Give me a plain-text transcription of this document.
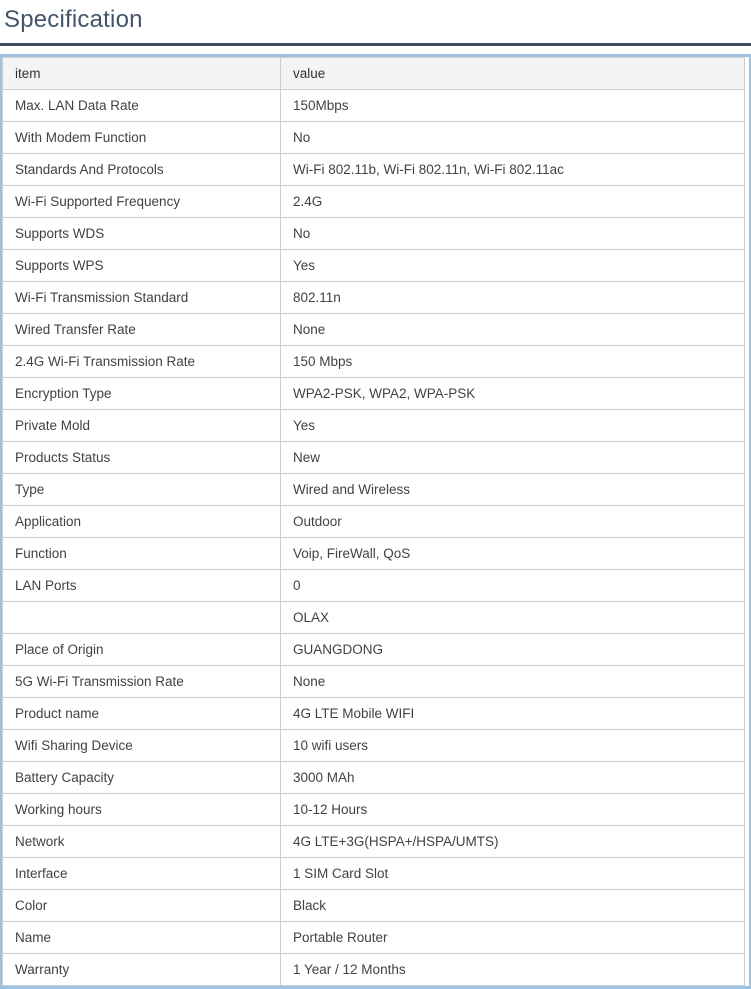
Specification
item	value
Max. LAN Data Rate	150Mbps
With Modem Function	No
Standards And Protocols	Wi-Fi 802.11b, Wi-Fi 802.11n, Wi-Fi 802.11ac
Wi-Fi Supported Frequency	2.4G
Supports WDS	No
Supports WPS	Yes
Wi-Fi Transmission Standard	802.11n
Wired Transfer Rate	None
2.4G Wi-Fi Transmission Rate	150 Mbps
Encryption Type	WPA2-PSK, WPA2, WPA-PSK
Private Mold	Yes
Products Status	New
Type	Wired and Wireless
Application	Outdoor
Function	Voip, FireWall, QoS
LAN Ports	0
	OLAX
Place of Origin	GUANGDONG
5G Wi-Fi Transmission Rate	None
Product name	4G LTE Mobile WIFI
Wifi Sharing Device	10 wifi users
Battery Capacity	3000 MAh
Working hours	10-12 Hours
Network	4G LTE+3G(HSPA+/HSPA/UMTS)
Interface	1 SIM Card Slot
Color	Black
Name	Portable Router
Warranty	1 Year / 12 Months
